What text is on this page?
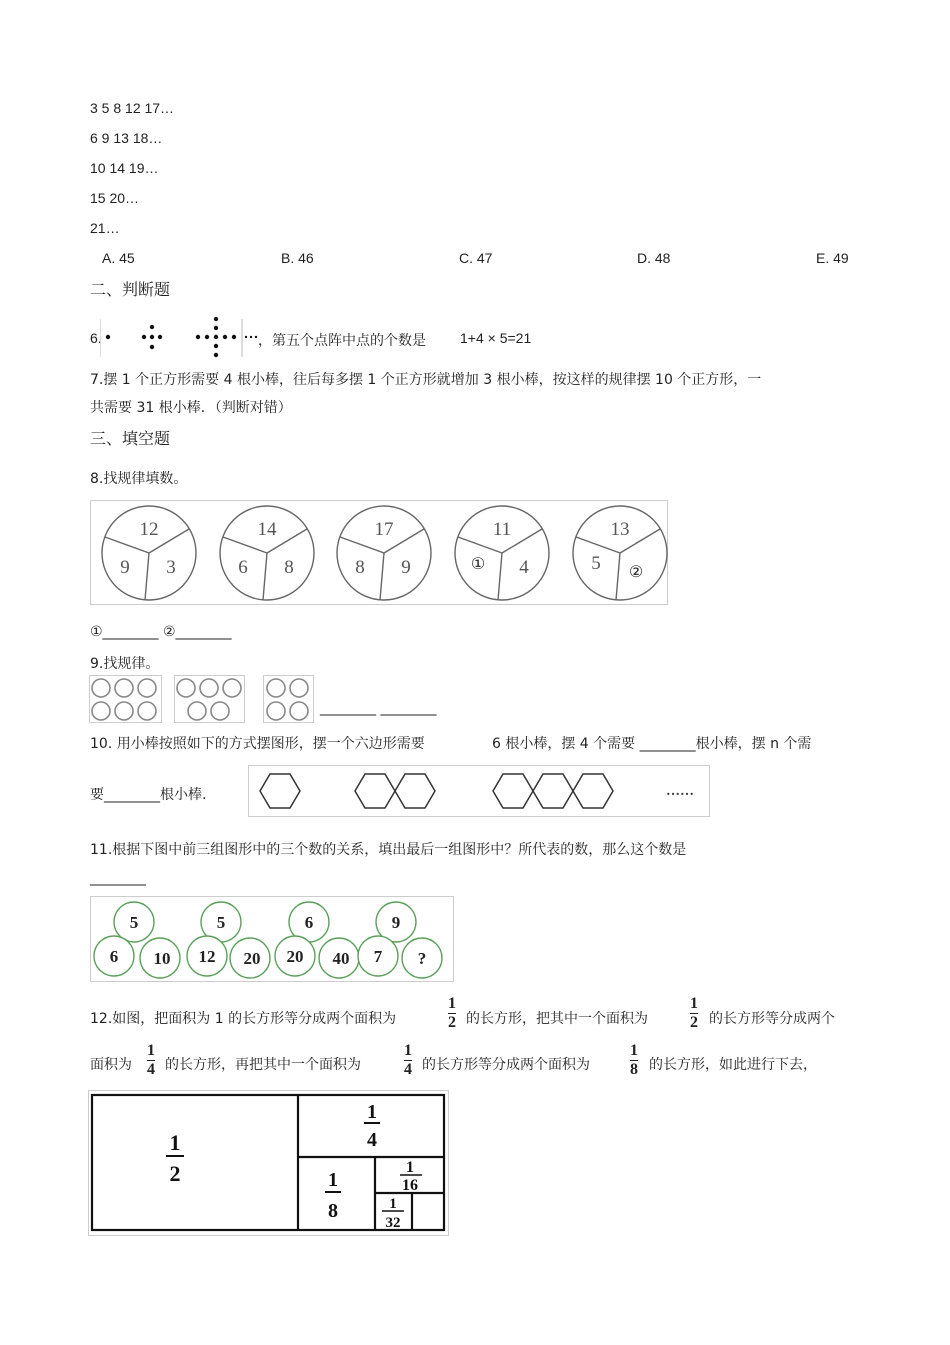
3 5 8 12 17…
6 9 13 18…
10 14 19…
15 20…
21…
A. 45	B. 46	C. 47	D. 48	E. 49
二、判断题
6.	，第五个点阵中点的个数是 1+4 × 5=21
7.摆 1 个正方形需要 4 根小棒，往后每多摆 1 个正方形就增加 3 根小棒，按这样的规律摆 10 个正方形，一
共需要 31 根小棒．（判断对错）
三、填空题
8.找规律填数。
12
9 3
14
6 8
17
8 9
11
① 4
13
5 ②
①________ ②________
9.找规律。
________ ________
10. 用小棒按照如下的方式摆图形，摆一个六边形需要	6 根小棒，摆 4 个需要 ________根小棒，摆 n 个需
要________根小棒.	……
11.根据下图中前三组图形中的三个数的关系，填出最后一组图形中？所代表的数，那么这个数是
________
5
6 10
5
12 20
6
20 40
9
7 ?
12.如图，把面积为 1 的长方形等分成两个面积为
1
2 的长方形，把其中一个面积为
1
2 的长方形等分成两个
面积为
1
4 的长方形，再把其中一个面积为
1
4 的长方形等分成两个面积为
1
8 的长方形，如此进行下去，
1
2
1
4
1
8
1
16
1
32
